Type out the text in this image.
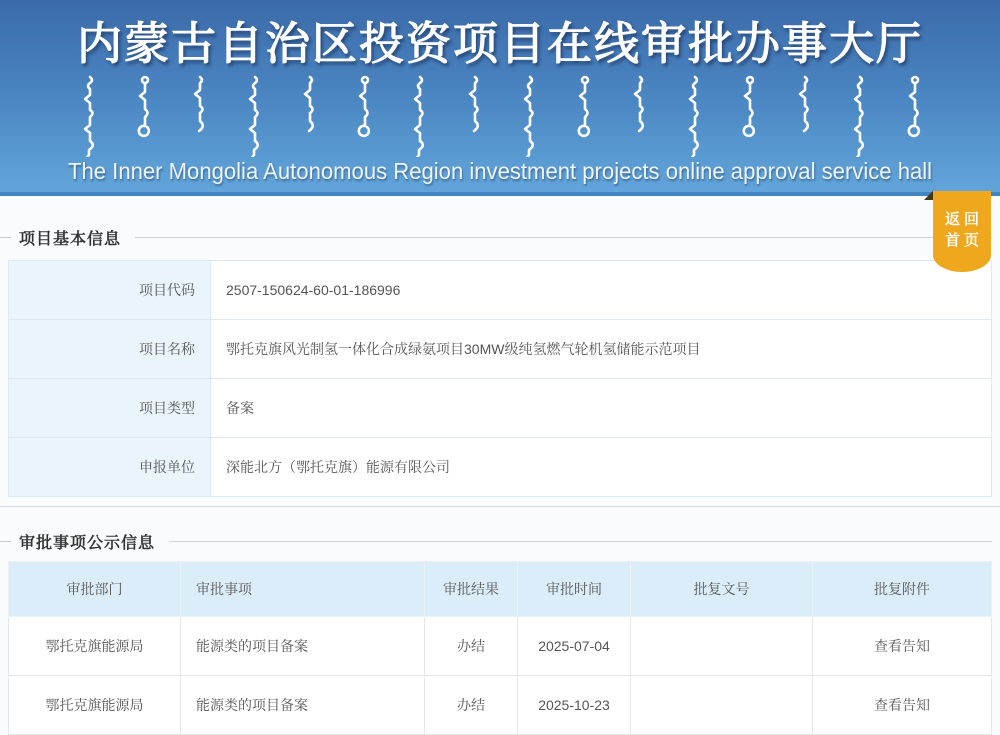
内蒙古自治区投资项目在线审批办事大厅
The Inner Mongolia Autonomous Region investment projects online approval service hall
返回
首页
项目基本信息
项目代码	2507-150624-60-01-186996
项目名称	鄂托克旗风光制氢一体化合成绿氨项目30MW级纯氢燃气轮机氢储能示范项目
项目类型	备案
申报单位	深能北方（鄂托克旗）能源有限公司
审批事项公示信息
审批部门	审批事项	审批结果	审批时间	批复文号	批复附件
鄂托克旗能源局	能源类的项目备案	办结	2025-07-04		查看告知
鄂托克旗能源局	能源类的项目备案	办结	2025-10-23		查看告知
